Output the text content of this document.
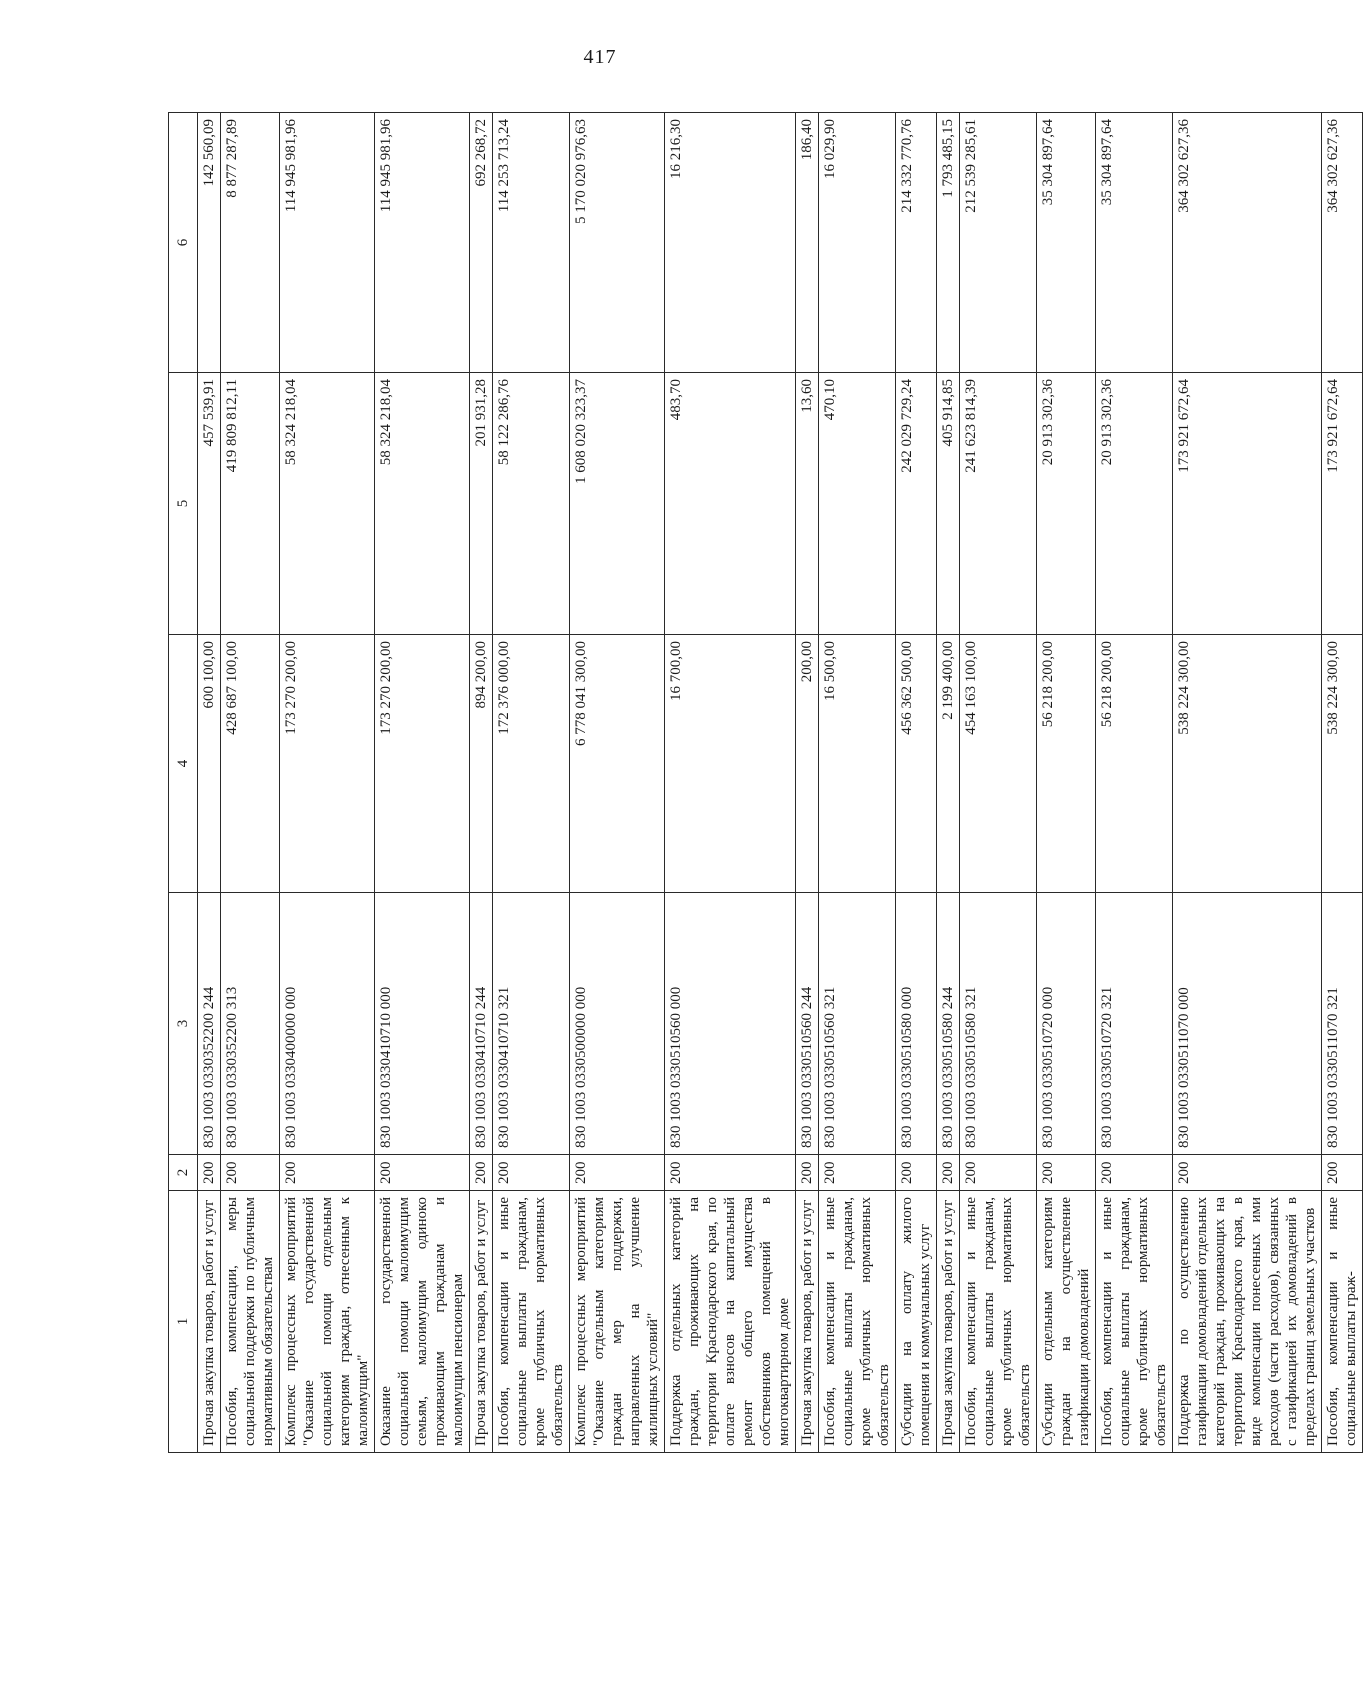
417
1	2	3	4	5	6
Прочая закупка товаров, работ и услуг	200	830 1003 0330352200 244	600 100,00	457 539,91	142 560,09
Пособия, компенсации, меры социальной поддержки по публичным нормативным обязательствам	200	830 1003 0330352200 313	428 687 100,00	419 809 812,11	8 877 287,89
Комплекс процессных мероприятий "Оказание государственной социальной помощи отдельным категориям граждан, отнесенным к малоимущим"	200	830 1003 0330400000 000	173 270 200,00	58 324 218,04	114 945 981,96
Оказание государственной социальной помощи малоимущим семьям, малоимущим одиноко проживающим гражданам и малоимущим пенсионерам	200	830 1003 0330410710 000	173 270 200,00	58 324 218,04	114 945 981,96
Прочая закупка товаров, работ и услуг	200	830 1003 0330410710 244	894 200,00	201 931,28	692 268,72
Пособия, компенсации и иные социальные выплаты гражданам, кроме публичных нормативных обязательств	200	830 1003 0330410710 321	172 376 000,00	58 122 286,76	114 253 713,24
Комплекс процессных мероприятий "Оказание отдельным категориям граждан мер поддержки, направленных на улучшение жилищных условий"	200	830 1003 0330500000 000	6 778 041 300,00	1 608 020 323,37	5 170 020 976,63
Поддержка отдельных категорий граждан, проживающих на территории Краснодарского края, по оплате взносов на капитальный ремонт общего имущества собственников помещений в многоквартирном доме	200	830 1003 0330510560 000	16 700,00	483,70	16 216,30
Прочая закупка товаров, работ и услуг	200	830 1003 0330510560 244	200,00	13,60	186,40
Пособия, компенсации и иные социальные выплаты гражданам, кроме публичных нормативных обязательств	200	830 1003 0330510560 321	16 500,00	470,10	16 029,90
Субсидии на оплату жилого помещения и коммунальных услуг	200	830 1003 0330510580 000	456 362 500,00	242 029 729,24	214 332 770,76
Прочая закупка товаров, работ и услуг	200	830 1003 0330510580 244	2 199 400,00	405 914,85	1 793 485,15
Пособия, компенсации и иные социальные выплаты гражданам, кроме публичных нормативных обязательств	200	830 1003 0330510580 321	454 163 100,00	241 623 814,39	212 539 285,61
Субсидии отдельным категориям граждан на осуществление газификации домовладений	200	830 1003 0330510720 000	56 218 200,00	20 913 302,36	35 304 897,64
Пособия, компенсации и иные социальные выплаты гражданам, кроме публичных нормативных обязательств	200	830 1003 0330510720 321	56 218 200,00	20 913 302,36	35 304 897,64
Поддержка по осуществлению газификации домовладений отдельных категорий граждан, проживающих на территории Краснодарского края, в виде компенсации понесенных ими расходов (части расходов), связанных с газификацией их домовладений в пределах границ земельных участков	200	830 1003 0330511070 000	538 224 300,00	173 921 672,64	364 302 627,36
Пособия, компенсации и иные социальные выплаты граж-	200	830 1003 0330511070 321	538 224 300,00	173 921 672,64	364 302 627,36
